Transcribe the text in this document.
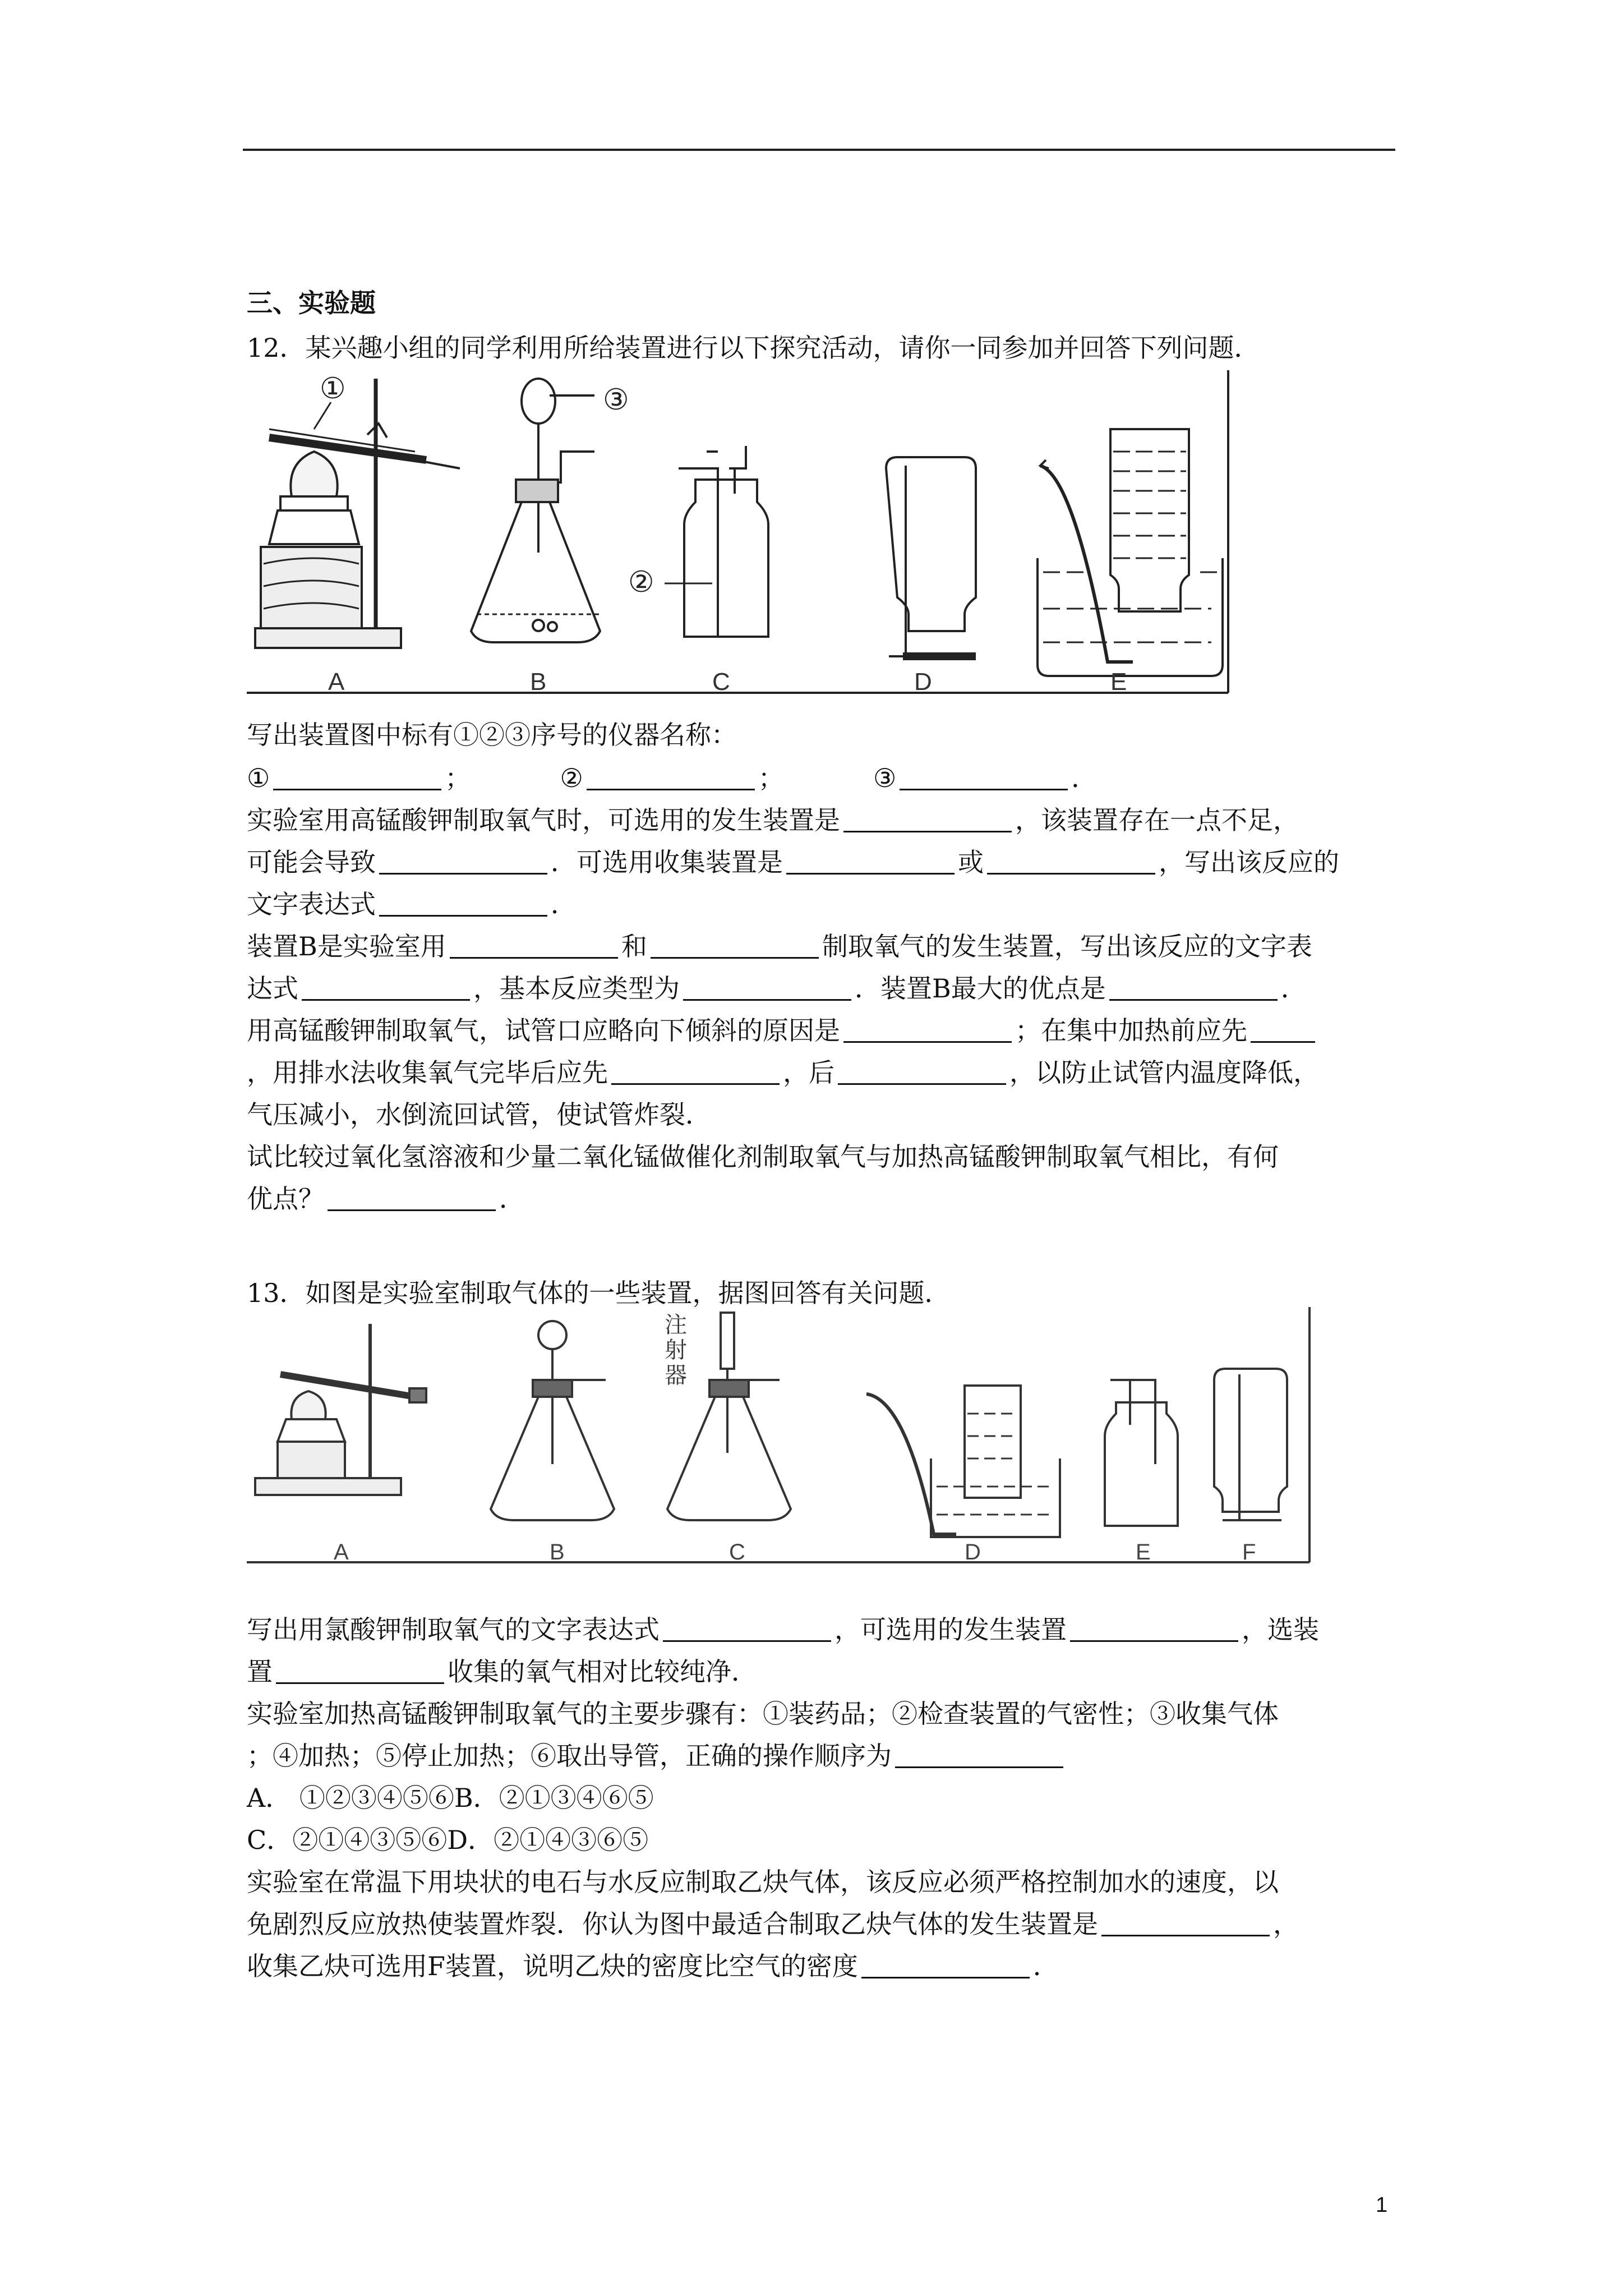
三、实验题
12．某兴趣小组的同学利用所给装置进行以下探究活动，请你一同参加并回答下列问题．
①	③
②
A	B	C	D	E
写出装置图中标有①②③序号的仪器名称：
①	；	②	；	③	．
实验室用高锰酸钾制取氧气时，可选用的发生装置是	，该装置存在一点不足，
可能会导致	．可选用收集装置是	或	，写出该反应的
文字表达式	．
装置B是实验室用	和	制取氧气的发生装置，写出该反应的文字表
达式	，基本反应类型为	．装置B最大的优点是	．
用高锰酸钾制取氧气，试管口应略向下倾斜的原因是	；在集中加热前应先
，用排水法收集氧气完毕后应先	，后	，以防止试管内温度降低，
气压减小，水倒流回试管，使试管炸裂．
试比较过氧化氢溶液和少量二氧化锰做催化剂制取氧气与加热高锰酸钾制取氧气相比，有何
优点？	．
13．如图是实验室制取气体的一些装置，据图回答有关问题．
注
射
器
A	B	C	D	E	F
写出用氯酸钾制取氧气的文字表达式	，可选用的发生装置	，选装
置	收集的氧气相对比较纯净．
实验室加热高锰酸钾制取氧气的主要步骤有：①装药品；②检查装置的气密性；③收集气体
；④加热；⑤停止加热；⑥取出导管，正确的操作顺序为
A． ①②③④⑤⑥B．②①③④⑥⑤
C．②①④③⑤⑥D．②①④③⑥⑤
实验室在常温下用块状的电石与水反应制取乙炔气体，该反应必须严格控制加水的速度，以
免剧烈反应放热使装置炸裂．你认为图中最适合制取乙炔气体的发生装置是	，
收集乙炔可选用F装置，说明乙炔的密度比空气的密度	．
1
